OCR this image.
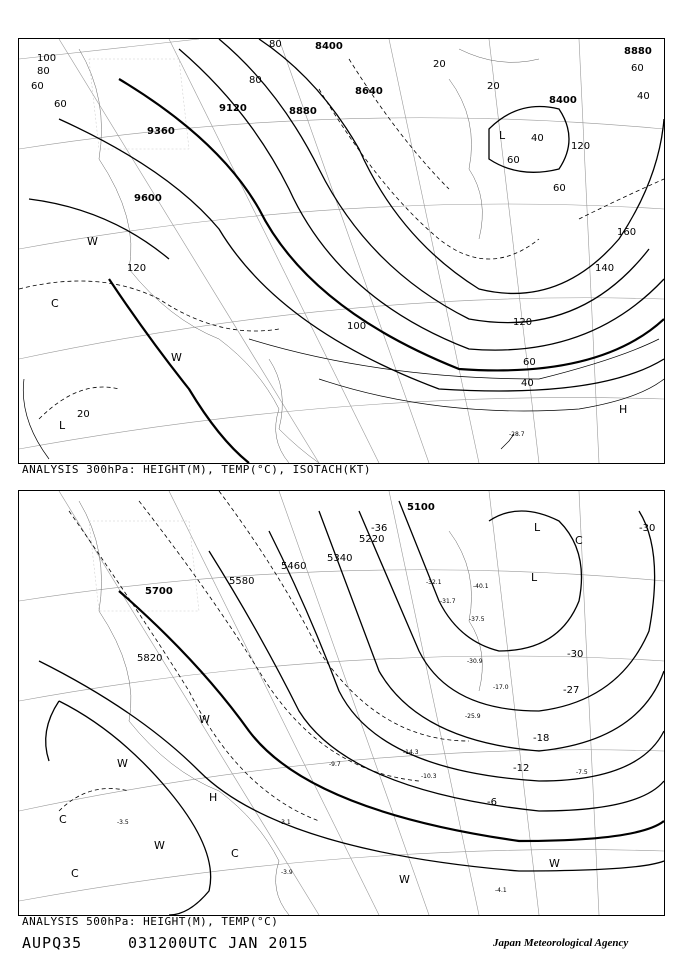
8400
8640
8880
9120
9360
9600
8880
8400
100
80
60
60
80
20
40
60
80
20
60
120
40
60
120
160
140
120
100
60
40
20
-28.7
W
C
W
L
L
H
ANALYSIS 300hPa: HEIGHT(M), TEMP(°C), ISOTACH(KT)
5100
5220
5340
5460
5580
5700
5820
-36	-30
-30
-27
-18
-12
-6
-32.1
-31.7
-40.1
-37.5
-30.9
-25.9
-17.0
-14.3
-10.3
-9.7
-4.1
-3.9
-3.1
-3.5
-7.5
L
C
L
W
W
H
C
C
C
W
W
W
ANALYSIS 500hPa: HEIGHT(M), TEMP(°C)
AUPQ35	031200UTC JAN 2015	Japan Meteorological Agency
